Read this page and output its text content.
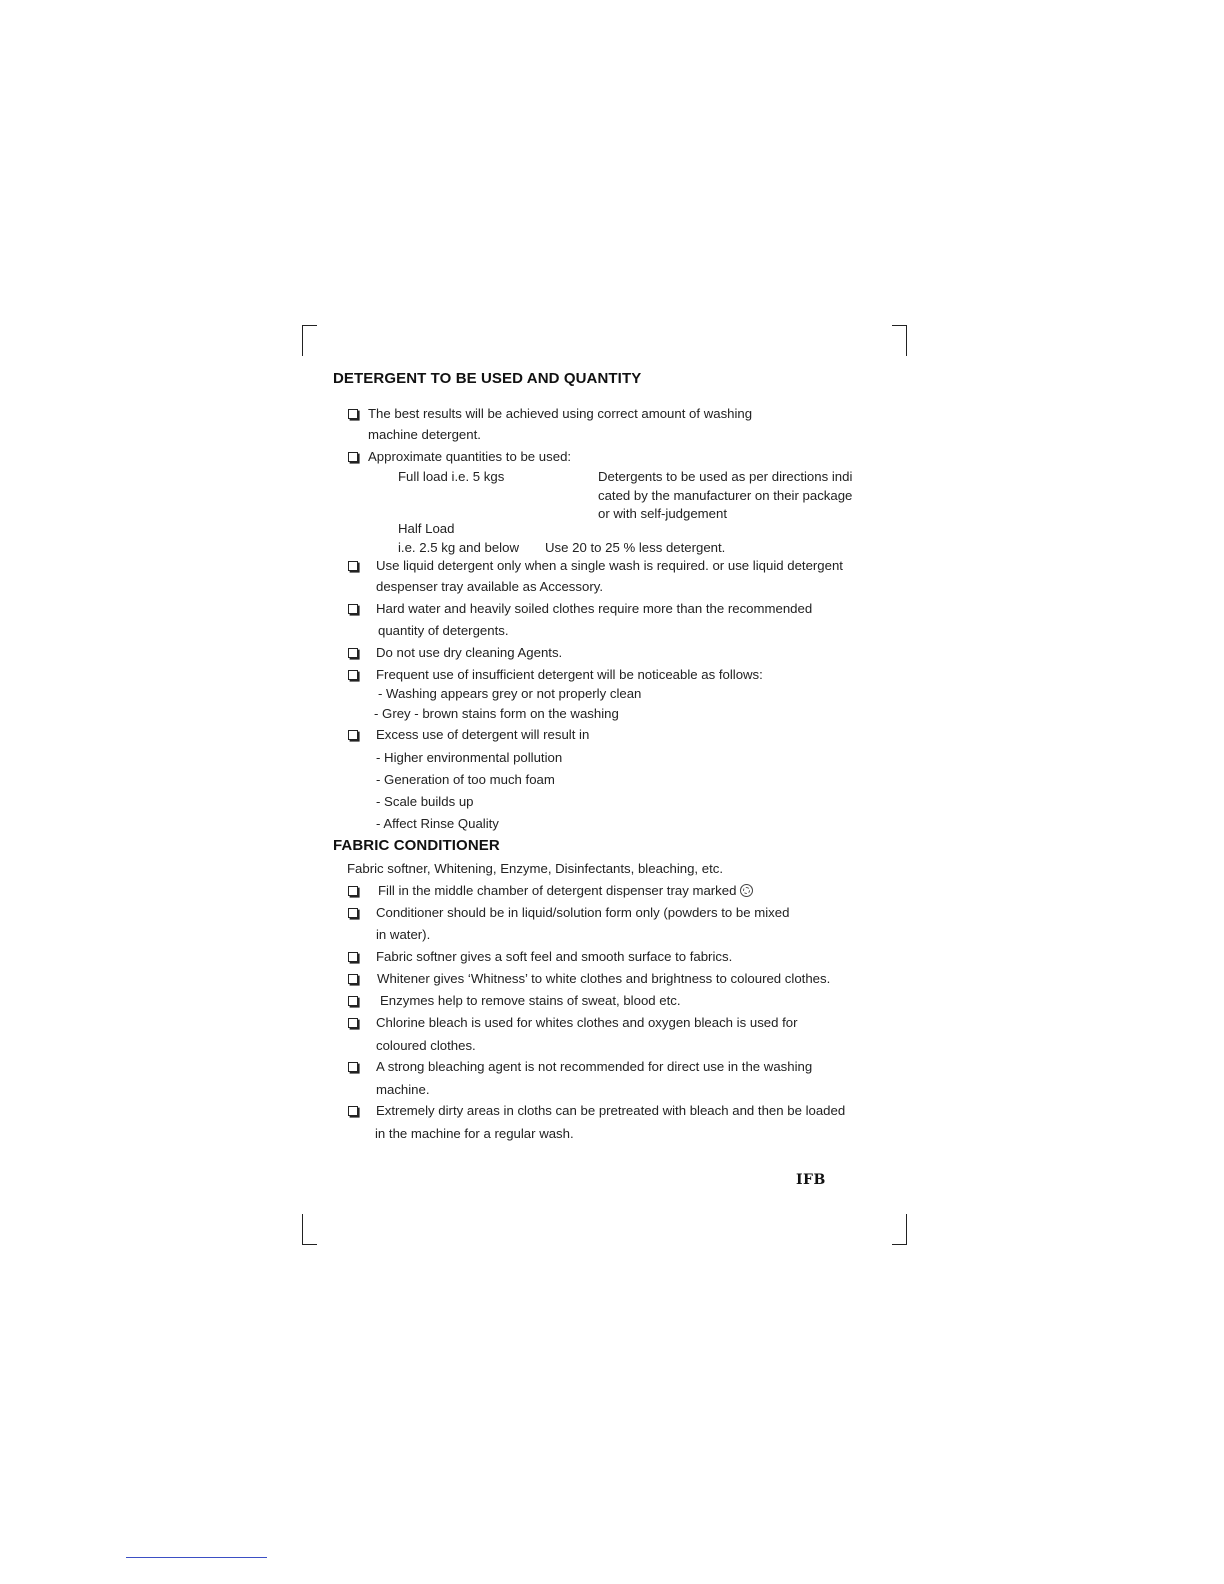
DETERGENT TO BE USED AND QUANTITY
The best results will be achieved using correct amount of washing
machine detergent.
Approximate quantities to be used:
Full load i.e. 5 kgs	Detergents to be used as per directions indi
cated by the manufacturer on their package
or with self-judgement
Half Load
i.e. 2.5 kg and below Use 20 to 25 % less detergent.
Use liquid detergent only when a single wash is required. or use liquid detergent
despenser tray available as Accessory.
Hard water and heavily soiled clothes require more than the recommended
quantity of detergents.
Do not use dry cleaning Agents.
Frequent use of insufficient detergent will be noticeable as follows:
- Washing appears grey or not properly clean
- Grey - brown stains form on the washing
Excess use of detergent will result in
- Higher environmental pollution
- Generation of too much foam
- Scale builds up
- Affect Rinse Quality
FABRIC CONDITIONER
Fabric softner, Whitening, Enzyme, Disinfectants, bleaching, etc.
Fill in the middle chamber of detergent dispenser tray marked
Conditioner should be in liquid/solution form only (powders to be mixed
in water).
Fabric softner gives a soft feel and smooth surface to fabrics.
Whitener gives ‘Whitness’ to white clothes and brightness to coloured clothes.
Enzymes help to remove stains of sweat, blood etc.
Chlorine bleach is used for whites clothes and oxygen bleach is used for
coloured clothes.
A strong bleaching agent is not recommended for direct use in the washing
machine.
Extremely dirty areas in cloths can be pretreated with bleach and then be loaded
in the machine for a regular wash.
IFB
